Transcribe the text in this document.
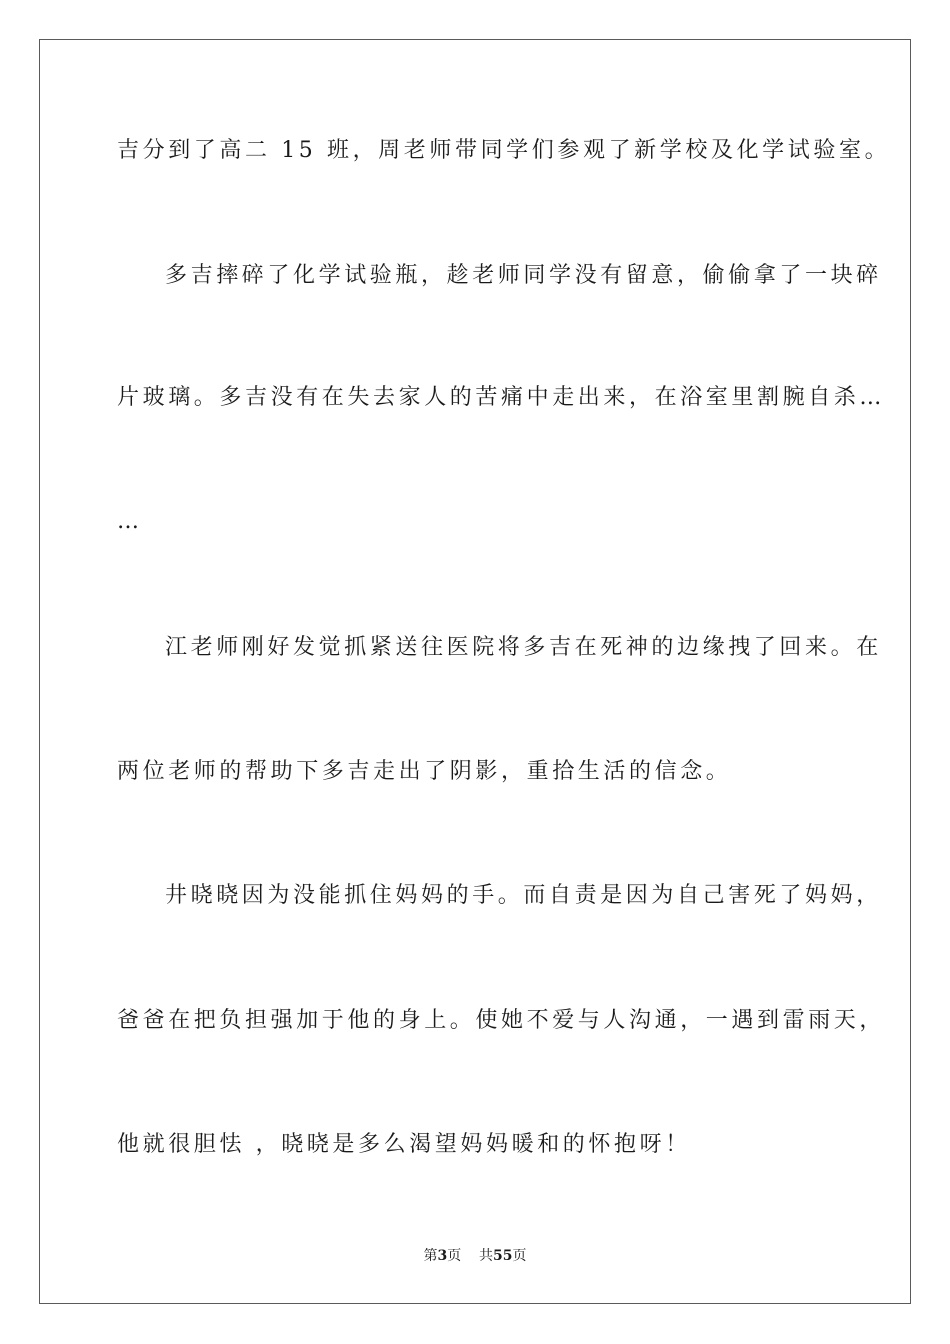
吉分到了高二 15 班，周老师带同学们参观了新学校及化学试验室。
多吉摔碎了化学试验瓶，趁老师同学没有留意，偷偷拿了一块碎
片玻璃。多吉没有在失去家人的苦痛中走出来，在浴室里割腕自杀…
…
江老师刚好发觉抓紧送往医院将多吉在死神的边缘拽了回来。在
两位老师的帮助下多吉走出了阴影，重拾生活的信念。
井晓晓因为没能抓住妈妈的手。而自责是因为自己害死了妈妈，
爸爸在把负担强加于他的身上。使她不爱与人沟通，一遇到雷雨天，
他就很胆怯 ，晓晓是多么渴望妈妈暖和的怀抱呀！
第3页 共55页
